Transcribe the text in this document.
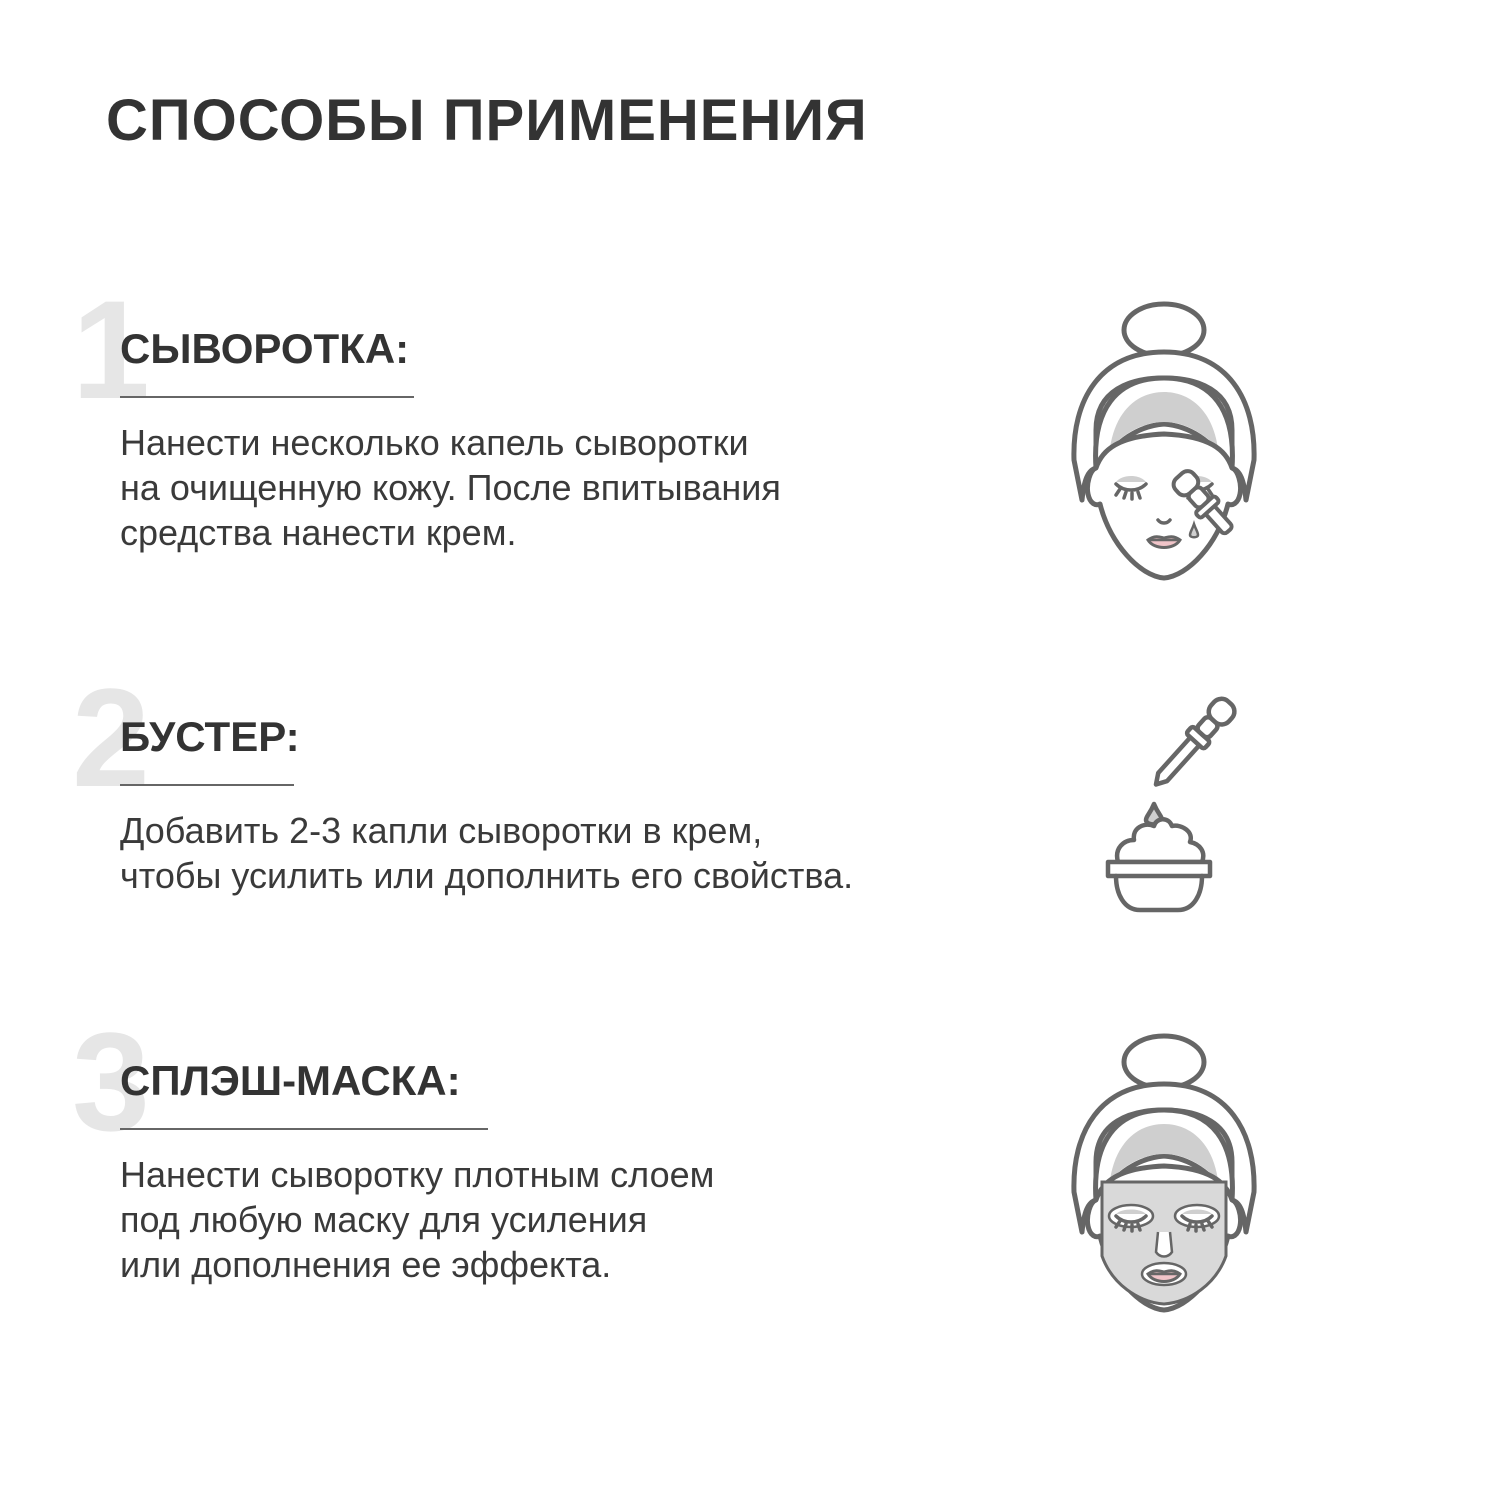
СПОСОБЫ ПРИМЕНЕНИЯ
1
СЫВОРОТКА:

Нанести несколько капель сыворотки
на очищенную кожу. После впитывания
средства нанести крем.

2
БУСТЕР:

Добавить 2-3 капли сыворотки в крем,
чтобы усилить или дополнить его свойства.

3
СПЛЭШ-МАСКА:

Нанести сыворотку плотным слоем
под любую маску для усиления
или дополнения ее эффекта.
